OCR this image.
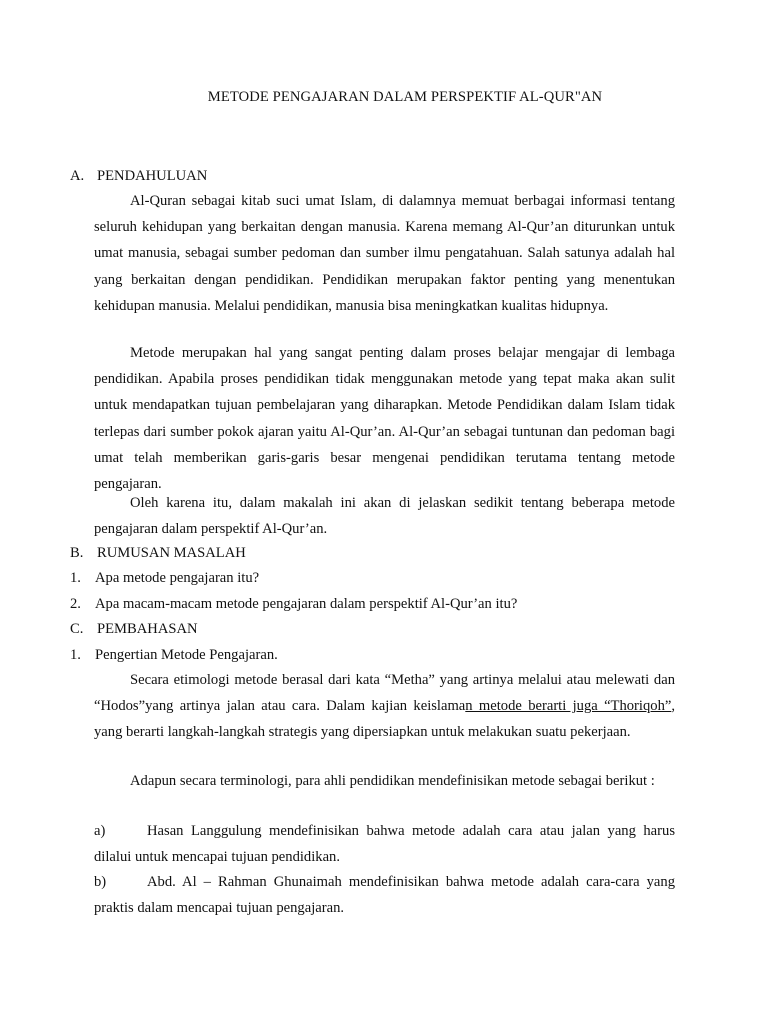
METODE PENGAJARAN DALAM PERSPEKTIF AL-QUR"AN
A. PENDAHULUAN

Al-Quran sebagai kitab suci umat Islam, di dalamnya memuat berbagai informasi tentang seluruh kehidupan yang berkaitan dengan manusia. Karena memang Al-Qur’an diturunkan untuk umat manusia, sebagai sumber pedoman dan sumber ilmu pengatahuan. Salah satunya adalah hal yang berkaitan dengan pendidikan. Pendidikan merupakan faktor penting yang menentukan kehidupan manusia. Melalui pendidikan, manusia bisa meningkatkan kualitas hidupnya.

Metode merupakan hal yang sangat penting dalam proses belajar mengajar di lembaga pendidikan. Apabila proses pendidikan tidak menggunakan metode yang tepat maka akan sulit untuk mendapatkan tujuan pembelajaran yang diharapkan. Metode Pendidikan dalam Islam tidak terlepas dari sumber pokok ajaran yaitu Al-Qur’an. Al-Qur’an sebagai tuntunan dan pedoman bagi umat telah memberikan garis-garis besar mengenai pendidikan terutama tentang metode pengajaran.

Oleh karena itu, dalam makalah ini akan di jelaskan sedikit tentang beberapa metode pengajaran dalam perspektif Al-Qur’an.

B. RUMUSAN MASALAH
1. Apa metode pengajaran itu?
2. Apa macam-macam metode pengajaran dalam perspektif Al-Qur’an itu?
C. PEMBAHASAN
1. Pengertian Metode Pengajaran.

Secara etimologi metode berasal dari kata “Metha” yang artinya melalui atau melewati dan “Hodos”yang artinya jalan atau cara. Dalam kajian keislaman metode berarti juga “Thoriqoh”, yang berarti langkah-langkah strategis yang dipersiapkan untuk melakukan suatu pekerjaan.

Adapun secara terminologi, para ahli pendidikan mendefinisikan metode sebagai berikut :

a)	Hasan Langgulung mendefinisikan bahwa metode adalah cara atau jalan yang harus dilalui untuk mencapai tujuan pendidikan.

b)	Abd. Al – Rahman Ghunaimah mendefinisikan bahwa metode adalah cara-cara yang praktis dalam mencapai tujuan pengajaran.
